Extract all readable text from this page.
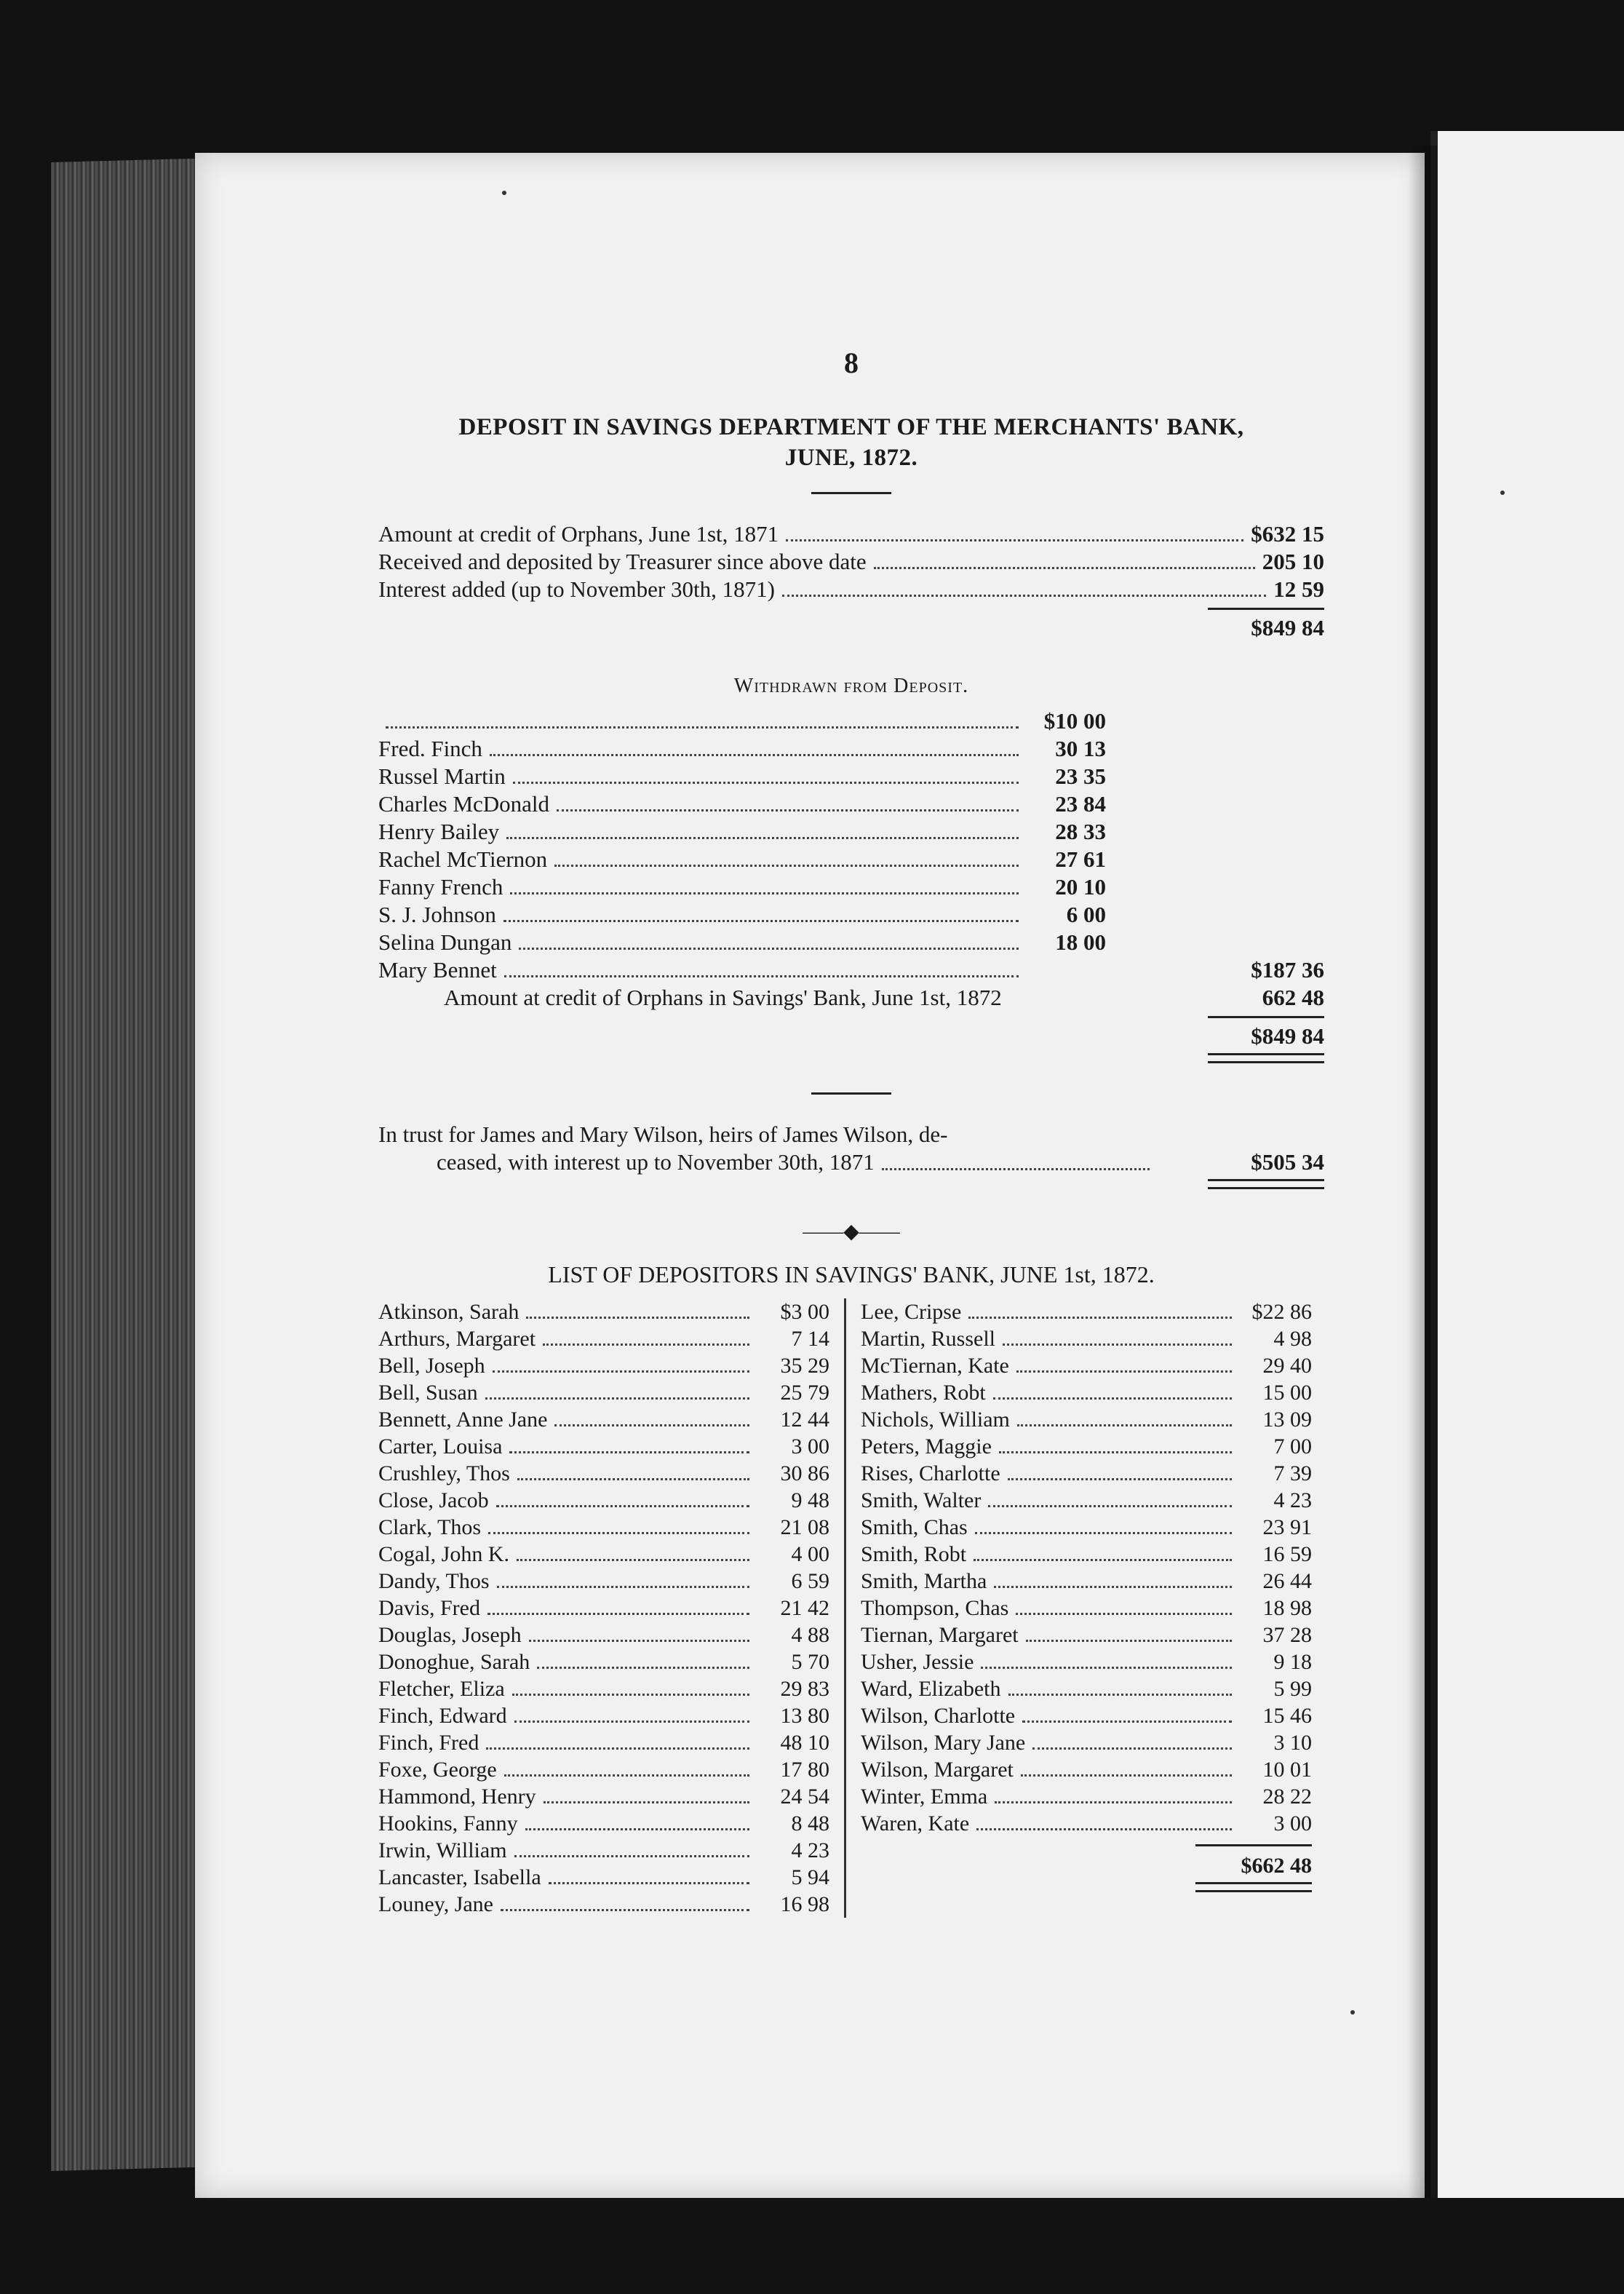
8
DEPOSIT IN SAVINGS DEPARTMENT OF THE MERCHANTS' BANK,
JUNE, 1872.
Amount at credit of Orphans, June 1st, 1871	$632 15
Received and deposited by Treasurer since above date	205 10
Interest added (up to November 30th, 1871)	12 59
$849 84
Withdrawn from Deposit.
$10 00
Fred. Finch	30 13
Russel Martin	23 35
Charles McDonald	23 84
Henry Bailey	28 33
Rachel McTiernon	27 61
Fanny French	20 10
S. J. Johnson	6 00
Selina Dungan	18 00
Mary Bennet	$187 36
Amount at credit of Orphans in Savings' Bank, June 1st, 1872	662 48
$849 84
In trust for James and Mary Wilson, heirs of James Wilson, de-
ceased, with interest up to November 30th, 1871	$505 34
——◆——
LIST OF DEPOSITORS IN SAVINGS' BANK, JUNE 1st, 1872.
Atkinson, Sarah	$3 00
Arthurs, Margaret	7 14
Bell, Joseph	35 29
Bell, Susan	25 79
Bennett, Anne Jane	12 44
Carter, Louisa	3 00
Crushley, Thos	30 86
Close, Jacob	9 48
Clark, Thos	21 08
Cogal, John K.	4 00
Dandy, Thos	6 59
Davis, Fred	21 42
Douglas, Joseph	4 88
Donoghue, Sarah	5 70
Fletcher, Eliza	29 83
Finch, Edward	13 80
Finch, Fred	48 10
Foxe, George	17 80
Hammond, Henry	24 54
Hookins, Fanny	8 48
Irwin, William	4 23
Lancaster, Isabella	5 94
Louney, Jane	16 98
Lee, Cripse	$22 86
Martin, Russell	4 98
McTiernan, Kate	29 40
Mathers, Robt	15 00
Nichols, William	13 09
Peters, Maggie	7 00
Rises, Charlotte	7 39
Smith, Walter	4 23
Smith, Chas	23 91
Smith, Robt	16 59
Smith, Martha	26 44
Thompson, Chas	18 98
Tiernan, Margaret	37 28
Usher, Jessie	9 18
Ward, Elizabeth	5 99
Wilson, Charlotte	15 46
Wilson, Mary Jane	3 10
Wilson, Margaret	10 01
Winter, Emma	28 22
Waren, Kate	3 00
$662 48
